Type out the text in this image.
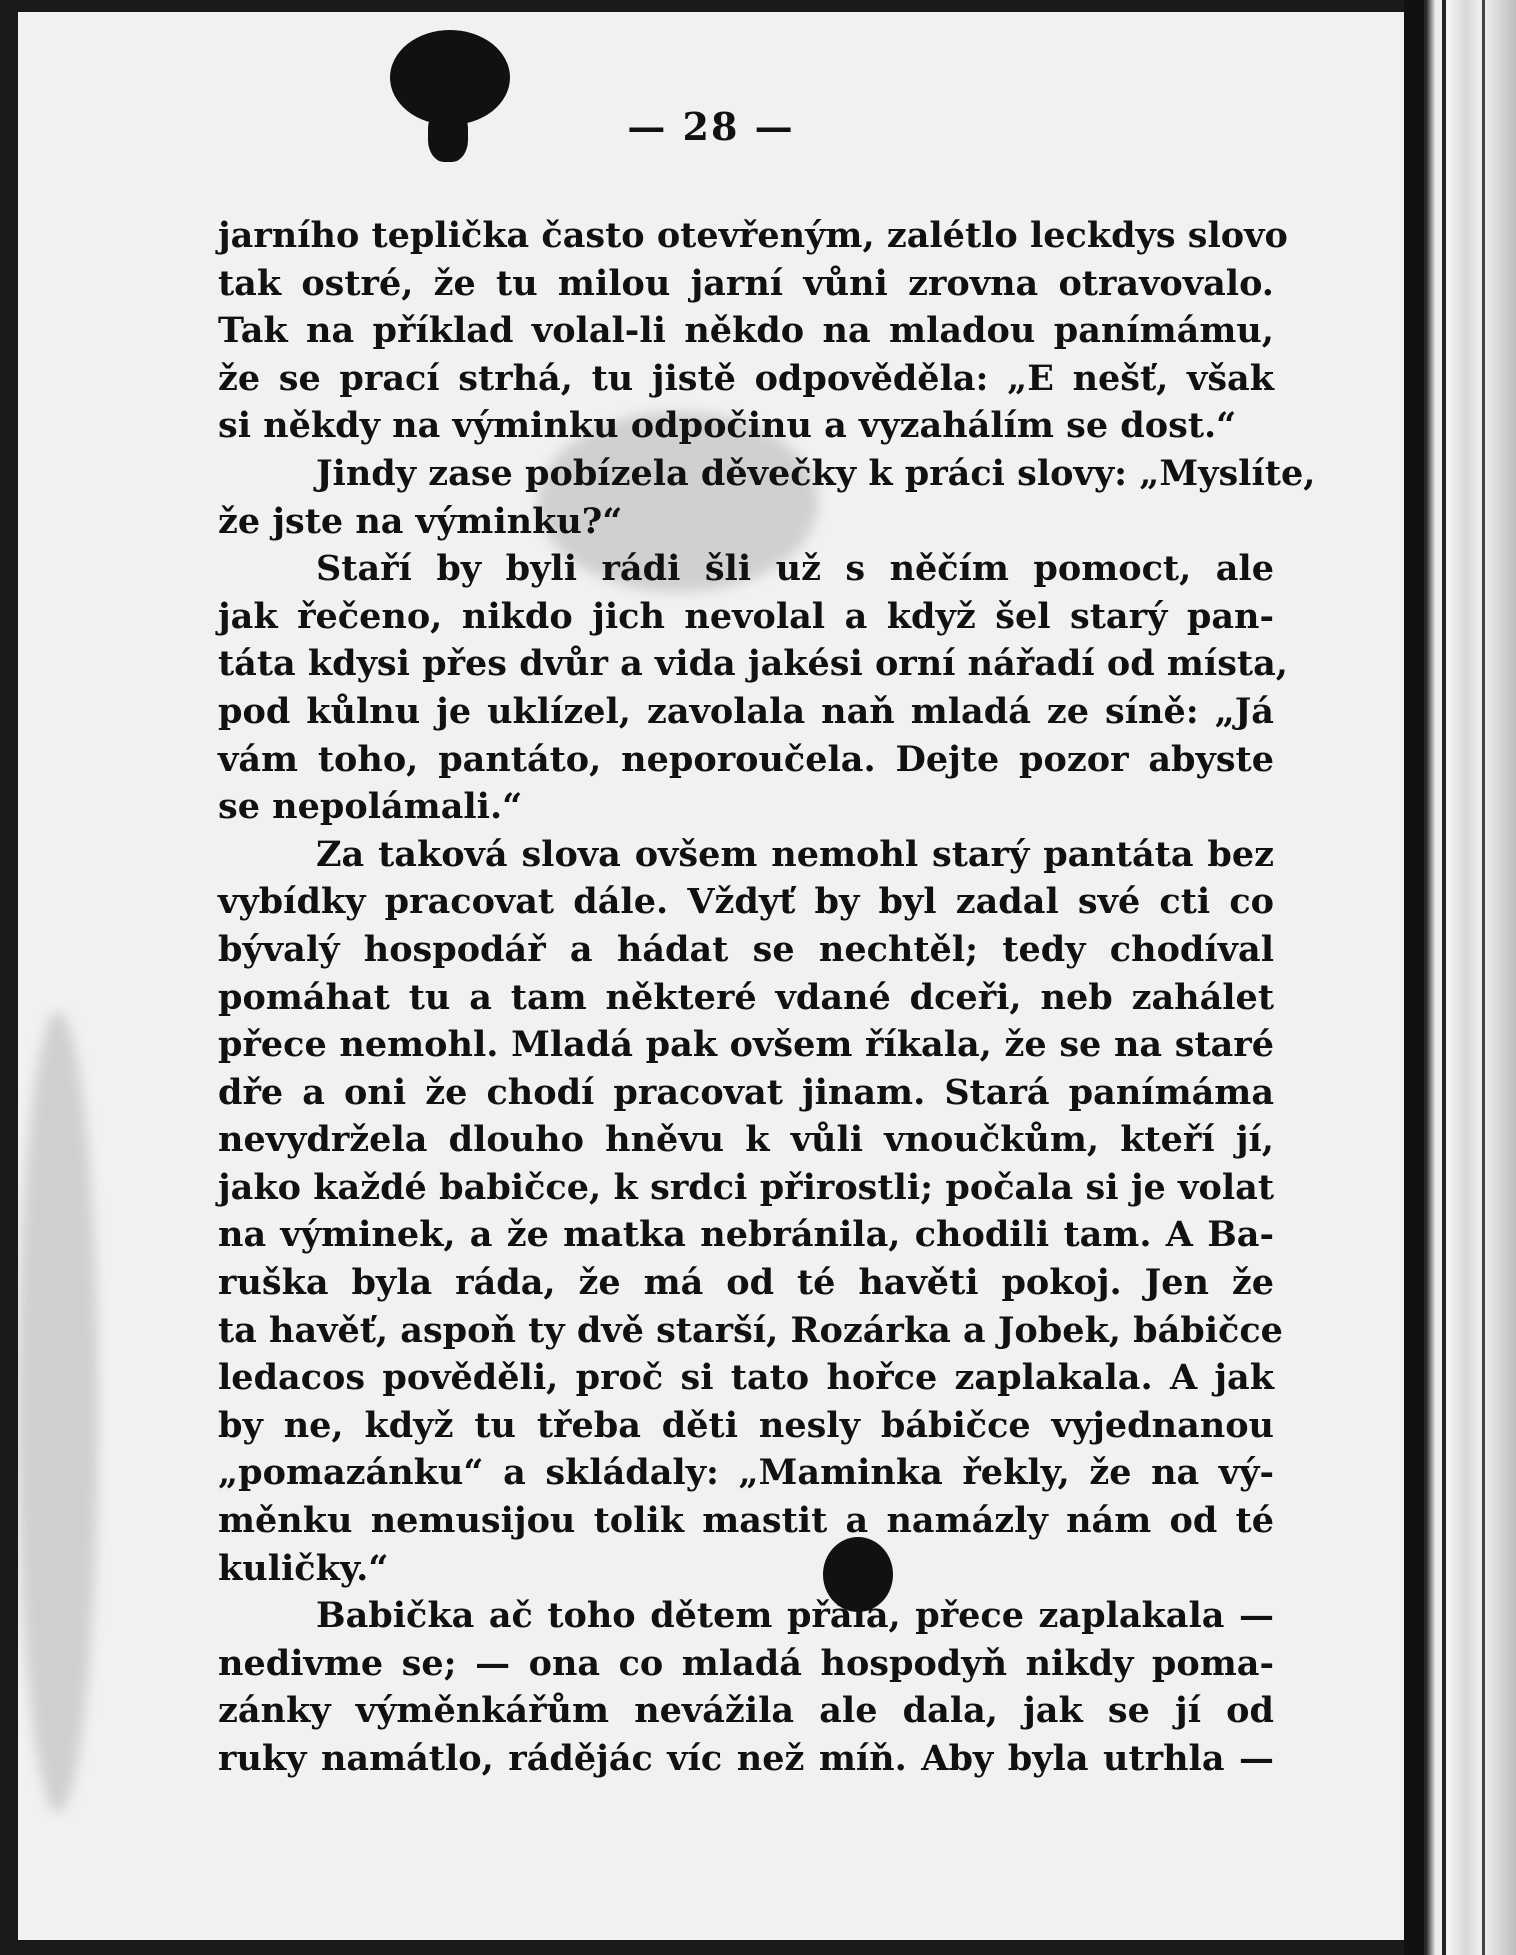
— 28 —
jarního teplička často otevřeným, zalétlo leckdys slovo
tak ostré, že tu milou jarní vůni zrovna otravovalo.
Tak na příklad volal-li někdo na mladou panímámu,
že se prací strhá, tu jistě odpověděla: „E nešť, však
si někdy na výminku odpočinu a vyzahálím se dost.“
Jindy zase pobízela děvečky k práci slovy: „Myslíte,
že jste na výminku?“
Staří by byli rádi šli už s něčím pomoct, ale
jak řečeno, nikdo jich nevolal a když šel starý pan-
táta kdysi přes dvůr a vida jakési orní nářadí od místa,
pod kůlnu je uklízel, zavolala naň mladá ze síně: „Já
vám toho, pantáto, neporoučela. Dejte pozor abyste
se nepolámali.“
Za taková slova ovšem nemohl starý pantáta bez
vybídky pracovat dále. Vždyť by byl zadal své cti co
bývalý hospodář a hádat se nechtěl; tedy chodíval
pomáhat tu a tam některé vdané dceři, neb zahálet
přece nemohl. Mladá pak ovšem říkala, že se na staré
dře a oni že chodí pracovat jinam. Stará panímáma
nevydržela dlouho hněvu k vůli vnoučkům, kteří jí,
jako každé babičce, k srdci přirostli; počala si je volat
na výminek, a že matka nebránila, chodili tam. A Ba-
ruška byla ráda, že má od té havěti pokoj. Jen že
ta havěť, aspoň ty dvě starší, Rozárka a Jobek, bábičce
ledacos pověděli, proč si tato hořce zaplakala. A jak
by ne, když tu třeba děti nesly bábičce vyjednanou
„pomazánku“ a skládaly: „Maminka řekly, že na vý-
měnku nemusijou tolik mastit a namázly nám od té
kuličky.“
Babička ač toho dětem přála, přece zaplakala —
nedivme se; — ona co mladá hospodyň nikdy poma-
zánky výměnkářům nevážila ale dala, jak se jí od
ruky namátlo, rádějác víc než míň. Aby byla utrhla —
